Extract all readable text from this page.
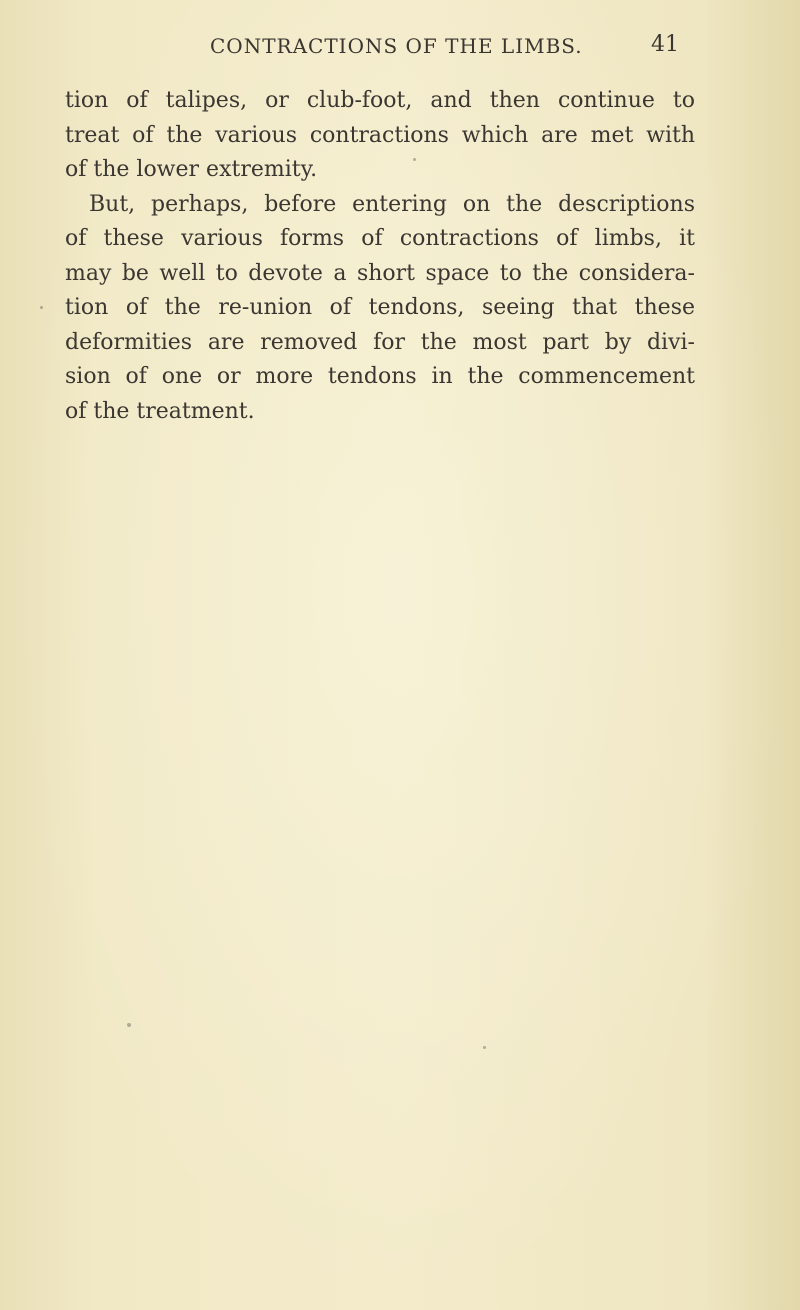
CONTRACTIONS OF THE LIMBS.	41
tion of talipes, or club-foot, and then continue to
treat of the various contractions which are met with
of the lower extremity.
But, perhaps, before entering on the descriptions
of these various forms of contractions of limbs, it
may be well to devote a short space to the considera-
tion of the re-union of tendons, seeing that these
deformities are removed for the most part by divi-
sion of one or more tendons in the commencement
of the treatment.
